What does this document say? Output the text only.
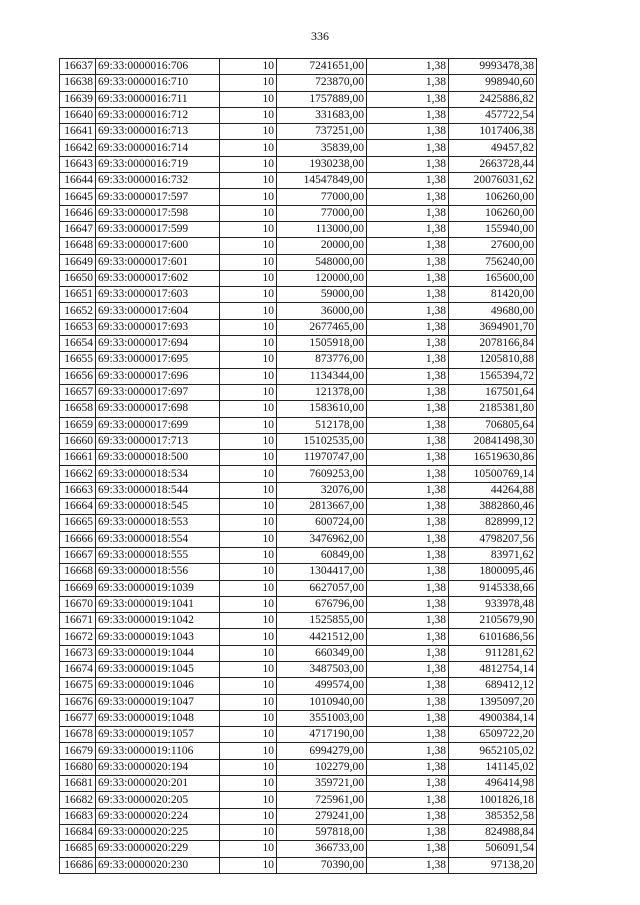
336
16637	69:33:0000016:706	10	7241651,00	1,38	9993478,38
16638	69:33:0000016:710	10	723870,00	1,38	998940,60
16639	69:33:0000016:711	10	1757889,00	1,38	2425886,82
16640	69:33:0000016:712	10	331683,00	1,38	457722,54
16641	69:33:0000016:713	10	737251,00	1,38	1017406,38
16642	69:33:0000016:714	10	35839,00	1,38	49457,82
16643	69:33:0000016:719	10	1930238,00	1,38	2663728,44
16644	69:33:0000016:732	10	14547849,00	1,38	20076031,62
16645	69:33:0000017:597	10	77000,00	1,38	106260,00
16646	69:33:0000017:598	10	77000,00	1,38	106260,00
16647	69:33:0000017:599	10	113000,00	1,38	155940,00
16648	69:33:0000017:600	10	20000,00	1,38	27600,00
16649	69:33:0000017:601	10	548000,00	1,38	756240,00
16650	69:33:0000017:602	10	120000,00	1,38	165600,00
16651	69:33:0000017:603	10	59000,00	1,38	81420,00
16652	69:33:0000017:604	10	36000,00	1,38	49680,00
16653	69:33:0000017:693	10	2677465,00	1,38	3694901,70
16654	69:33:0000017:694	10	1505918,00	1,38	2078166,84
16655	69:33:0000017:695	10	873776,00	1,38	1205810,88
16656	69:33:0000017:696	10	1134344,00	1,38	1565394,72
16657	69:33:0000017:697	10	121378,00	1,38	167501,64
16658	69:33:0000017:698	10	1583610,00	1,38	2185381,80
16659	69:33:0000017:699	10	512178,00	1,38	706805,64
16660	69:33:0000017:713	10	15102535,00	1,38	20841498,30
16661	69:33:0000018:500	10	11970747,00	1,38	16519630,86
16662	69:33:0000018:534	10	7609253,00	1,38	10500769,14
16663	69:33:0000018:544	10	32076,00	1,38	44264,88
16664	69:33:0000018:545	10	2813667,00	1,38	3882860,46
16665	69:33:0000018:553	10	600724,00	1,38	828999,12
16666	69:33:0000018:554	10	3476962,00	1,38	4798207,56
16667	69:33:0000018:555	10	60849,00	1,38	83971,62
16668	69:33:0000018:556	10	1304417,00	1,38	1800095,46
16669	69:33:0000019:1039	10	6627057,00	1,38	9145338,66
16670	69:33:0000019:1041	10	676796,00	1,38	933978,48
16671	69:33:0000019:1042	10	1525855,00	1,38	2105679,90
16672	69:33:0000019:1043	10	4421512,00	1,38	6101686,56
16673	69:33:0000019:1044	10	660349,00	1,38	911281,62
16674	69:33:0000019:1045	10	3487503,00	1,38	4812754,14
16675	69:33:0000019:1046	10	499574,00	1,38	689412,12
16676	69:33:0000019:1047	10	1010940,00	1,38	1395097,20
16677	69:33:0000019:1048	10	3551003,00	1,38	4900384,14
16678	69:33:0000019:1057	10	4717190,00	1,38	6509722,20
16679	69:33:0000019:1106	10	6994279,00	1,38	9652105,02
16680	69:33:0000020:194	10	102279,00	1,38	141145,02
16681	69:33:0000020:201	10	359721,00	1,38	496414,98
16682	69:33:0000020:205	10	725961,00	1,38	1001826,18
16683	69:33:0000020:224	10	279241,00	1,38	385352,58
16684	69:33:0000020:225	10	597818,00	1,38	824988,84
16685	69:33:0000020:229	10	366733,00	1,38	506091,54
16686	69:33:0000020:230	10	70390,00	1,38	97138,20
